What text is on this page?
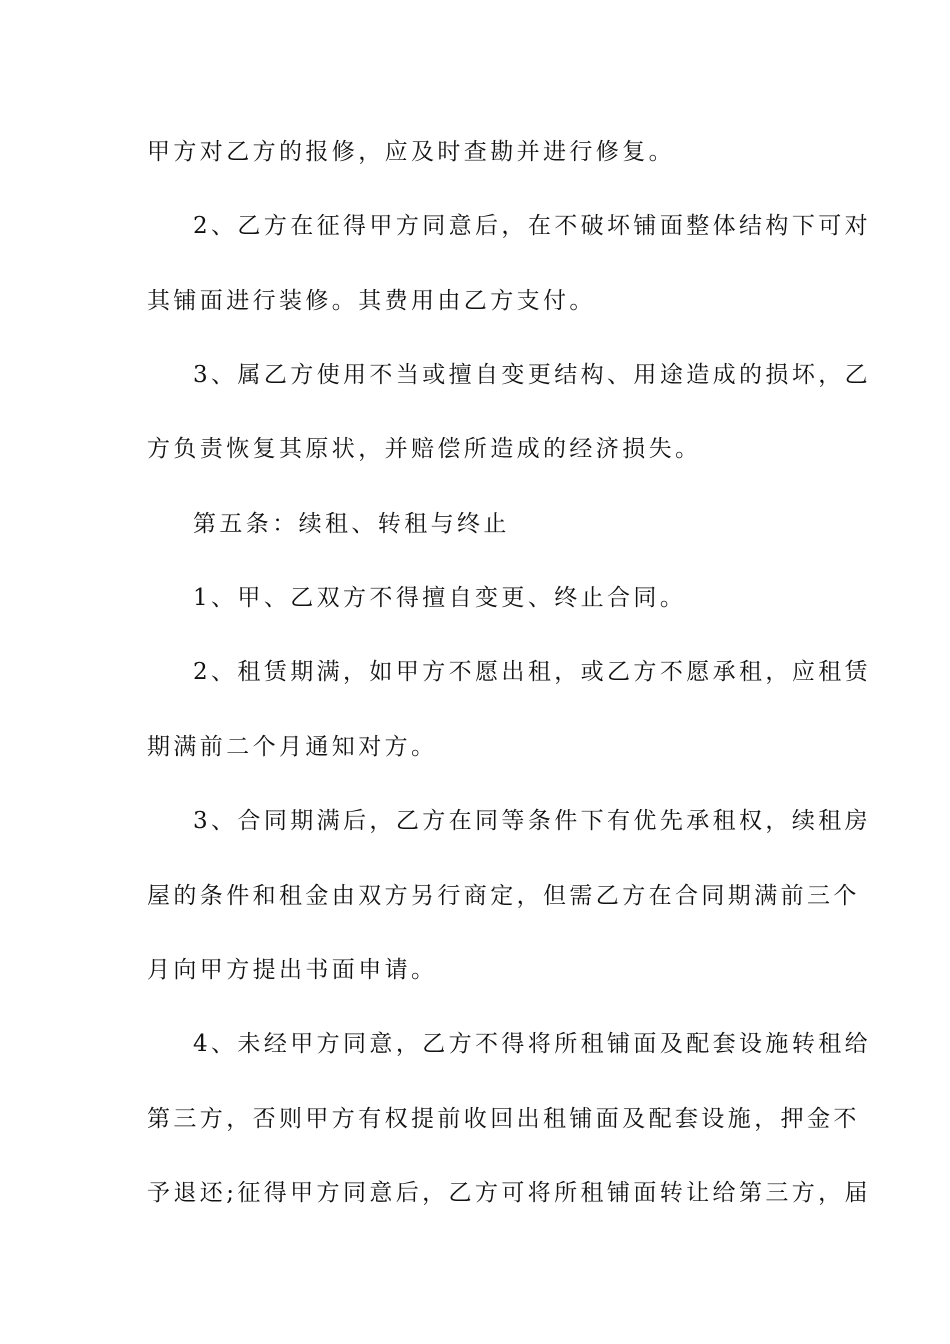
甲方对乙方的报修，应及时查勘并进行修复。
2、乙方在征得甲方同意后，在不破坏铺面整体结构下可对
其铺面进行装修。其费用由乙方支付。
3、属乙方使用不当或擅自变更结构、用途造成的损坏，乙
方负责恢复其原状，并赔偿所造成的经济损失。
第五条：续租、转租与终止
1、甲、乙双方不得擅自变更、终止合同。
2、租赁期满，如甲方不愿出租，或乙方不愿承租，应租赁
期满前二个月通知对方。
3、合同期满后，乙方在同等条件下有优先承租权，续租房
屋的条件和租金由双方另行商定，但需乙方在合同期满前三个
月向甲方提出书面申请。
4、未经甲方同意，乙方不得将所租铺面及配套设施转租给
第三方，否则甲方有权提前收回出租铺面及配套设施，押金不
予退还;征得甲方同意后，乙方可将所租铺面转让给第三方，届
